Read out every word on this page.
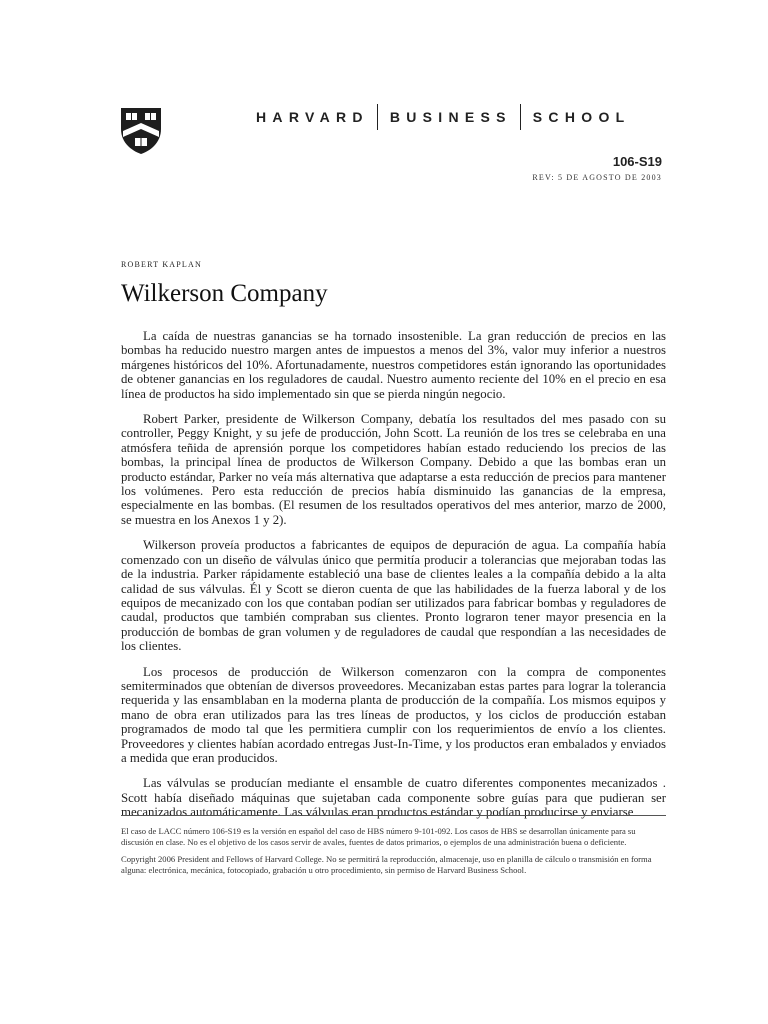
HARVARD BUSINESS SCHOOL
106-S19
REV: 5 DE AGOSTO DE 2003
ROBERT KAPLAN
Wilkerson Company

La caída de nuestras ganancias se ha tornado insostenible. La gran reducción de precios en las bombas ha reducido nuestro margen antes de impuestos a menos del 3%, valor muy inferior a nuestros márgenes históricos del 10%. Afortunadamente, nuestros competidores están ignorando las oportunidades de obtener ganancias en los reguladores de caudal. Nuestro aumento reciente del 10% en el precio en esa línea de productos ha sido implementado sin que se pierda ningún negocio.

Robert Parker, presidente de Wilkerson Company, debatía los resultados del mes pasado con su controller, Peggy Knight, y su jefe de producción, John Scott. La reunión de los tres se celebraba en una atmósfera teñida de aprensión porque los competidores habían estado reduciendo los precios de las bombas, la principal línea de productos de Wilkerson Company. Debido a que las bombas eran un producto estándar, Parker no veía más alternativa que adaptarse a esta reducción de precios para mantener los volúmenes. Pero esta reducción de precios había disminuido las ganancias de la empresa, especialmente en las bombas. (El resumen de los resultados operativos del mes anterior, marzo de 2000, se muestra en los Anexos 1 y 2).

Wilkerson proveía productos a fabricantes de equipos de depuración de agua. La compañía había comenzado con un diseño de válvulas único que permitía producir a tolerancias que mejoraban todas las de la industria. Parker rápidamente estableció una base de clientes leales a la compañía debido a la alta calidad de sus válvulas. Él y Scott se dieron cuenta de que las habilidades de la fuerza laboral y de los equipos de mecanizado con los que contaban podían ser utilizados para fabricar bombas y reguladores de caudal, productos que también compraban sus clientes. Pronto lograron tener mayor presencia en la producción de bombas de gran volumen y de reguladores de caudal que respondían a las necesidades de los clientes.

Los procesos de producción de Wilkerson comenzaron con la compra de componentes semiterminados que obtenían de diversos proveedores. Mecanizaban estas partes para lograr la tolerancia requerida y las ensamblaban en la moderna planta de producción de la compañía. Los mismos equipos y mano de obra eran utilizados para las tres líneas de productos, y los ciclos de producción estaban programados de modo tal que les permitiera cumplir con los requerimientos de envío a los clientes. Proveedores y clientes habían acordado entregas Just-In-Time, y los productos eran embalados y enviados a medida que eran producidos.

Las válvulas se producían mediante el ensamble de cuatro diferentes componentes mecanizados . Scott había diseñado máquinas que sujetaban cada componente sobre guías para que pudieran ser mecanizados automáticamente. Las válvulas eran productos estándar y podían producirse y enviarse

El caso de LACC número 106-S19 es la versión en español del caso de HBS número 9-101-092. Los casos de HBS se desarrollan únicamente para su discusión en clase. No es el objetivo de los casos servir de avales, fuentes de datos primarios, o ejemplos de una administración buena o deficiente.

Copyright 2006 President and Fellows of Harvard College. No se permitirá la reproducción, almacenaje, uso en planilla de cálculo o transmisión en forma alguna: electrónica, mecánica, fotocopiado, grabación u otro procedimiento, sin permiso de Harvard Business School.
